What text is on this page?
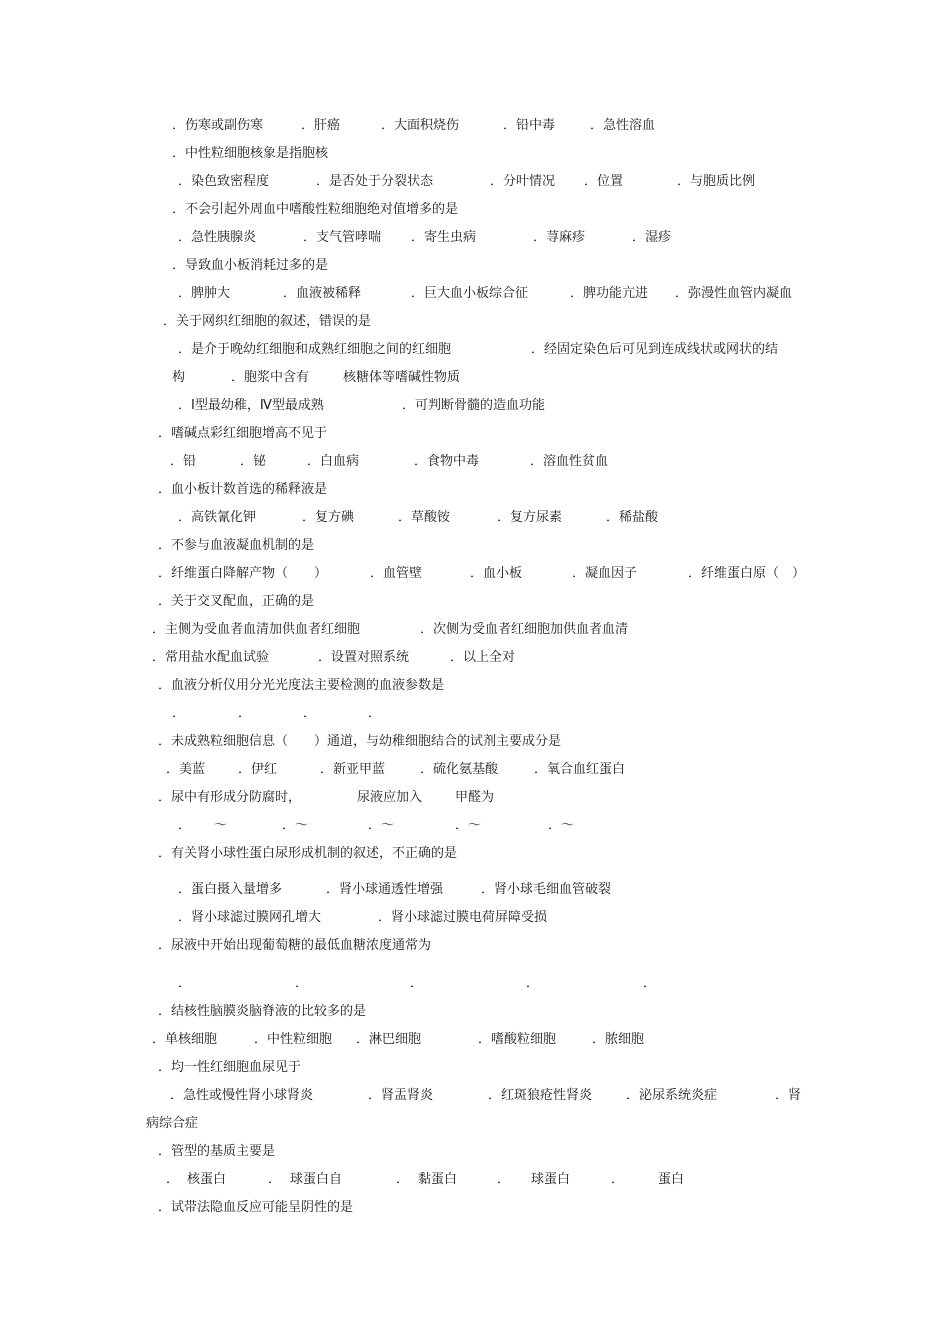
．伤寒或副伤寒	．肝癌	．大面积烧伤	．铅中毒	．急性溶血
．中性粒细胞核象是指胞核
．染色致密程度	．是否处于分裂状态	．分叶情况 ．位置	．与胞质比例
．不会引起外周血中嗜酸性粒细胞绝对值增多的是
．急性胰腺炎	．支气管哮喘 ．寄生虫病	．荨麻疹	．湿疹
．导致血小板消耗过多的是
．脾肿大	．血液被稀释	．巨大血小板综合征	．脾功能亢进 ．弥漫性血管内凝血
．关于网织红细胞的叙述，错误的是
．是介于晚幼红细胞和成熟红细胞之间的红细胞	．经固定染色后可见到连成线状或网状的结
构	．胞浆中含有	核糖体等嗜碱性物质
．Ⅰ型最幼稚，Ⅳ型最成熟	．可判断骨髓的造血功能
．嗜碱点彩红细胞增高不见于
．铅	．铋	．白血病	．食物中毒	．溶血性贫血
．血小板计数首选的稀释液是
．高铁氰化钾	．复方碘	．草酸铵	．复方尿素	．稀盐酸
．不参与血液凝血机制的是
．纤维蛋白降解产物（　　）	．血管壁	．血小板	．凝血因子	．纤维蛋白原（　）
．关于交叉配血，正确的是
．主侧为受血者血清加供血者红细胞	．次侧为受血者红细胞加供血者血清
．常用盐水配血试验	．设置对照系统	．以上全对
．血液分析仪用分光光度法主要检测的血液参数是
．	．	．	．
．未成熟粒细胞信息（　　）通道，与幼稚细胞结合的试剂主要成分是
．美蓝	．伊红	．新亚甲蓝	．硫化氨基酸	．氧合血红蛋白
．尿中有形成分防腐时，	尿液应加入	甲醛为
． ～	．～	．～	．～	．～
．有关肾小球性蛋白尿形成机制的叙述，不正确的是
．蛋白摄入量增多	．肾小球通透性增强	．肾小球毛细血管破裂
．肾小球滤过膜网孔增大	．肾小球滤过膜电荷屏障受损
．尿液中开始出现葡萄糖的最低血糖浓度通常为
．	．	．	．	．
．结核性脑膜炎脑脊液的比较多的是
．单核细胞	．中性粒细胞 ．淋巴细胞	．嗜酸粒细胞	．脓细胞
．均一性红细胞血尿见于
．急性或慢性肾小球肾炎	．肾盂肾炎	．红斑狼疮性肾炎	．泌尿系统炎症	．肾
病综合症
．管型的基质主要是
． 核蛋白	． 球蛋白自	． 黏蛋白	． 球蛋白	．	蛋白
．试带法隐血反应可能呈阴性的是
